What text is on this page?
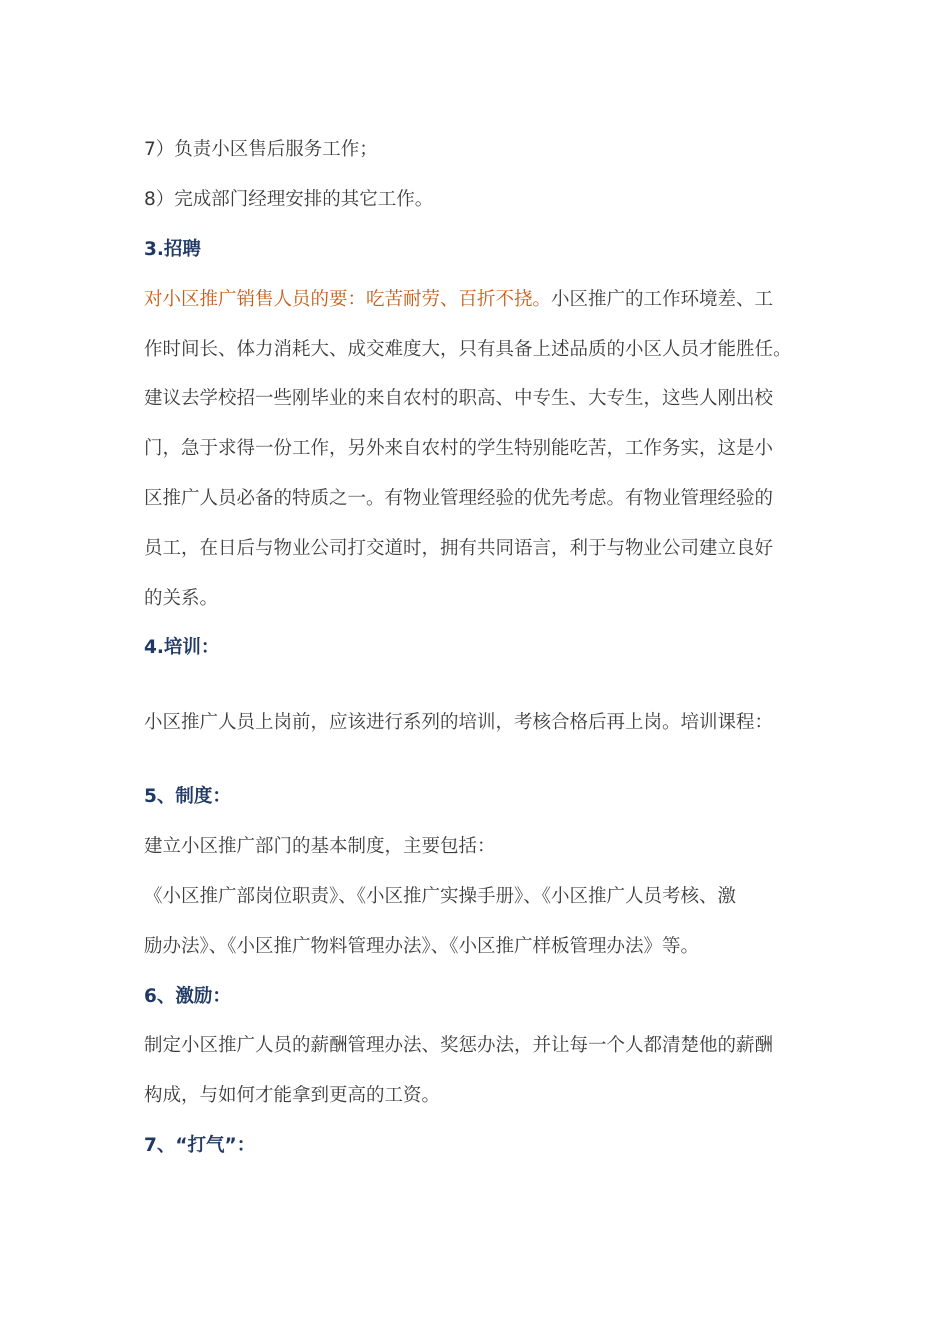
7）负责小区售后服务工作；
8）完成部门经理安排的其它工作。
3.招聘
对小区推广销售人员的要：吃苦耐劳、百折不挠。小区推广的工作环境差、工
作时间长、体力消耗大、成交难度大，只有具备上述品质的小区人员才能胜任。
建议去学校招一些刚毕业的来自农村的职高、中专生、大专生，这些人刚出校
门，急于求得一份工作，另外来自农村的学生特别能吃苦，工作务实，这是小
区推广人员必备的特质之一。有物业管理经验的优先考虑。有物业管理经验的
员工，在日后与物业公司打交道时，拥有共同语言，利于与物业公司建立良好
的关系。
4.培训：
小区推广人员上岗前，应该进行系列的培训，考核合格后再上岗。培训课程：
5、制度：
建立小区推广部门的基本制度，主要包括：
《小区推广部岗位职责》、《小区推广实操手册》、《小区推广人员考核、激
励办法》、《小区推广物料管理办法》、《小区推广样板管理办法》等。
6、激励：
制定小区推广人员的薪酬管理办法、奖惩办法，并让每一个人都清楚他的薪酬
构成，与如何才能拿到更高的工资。
7、“打气”：
